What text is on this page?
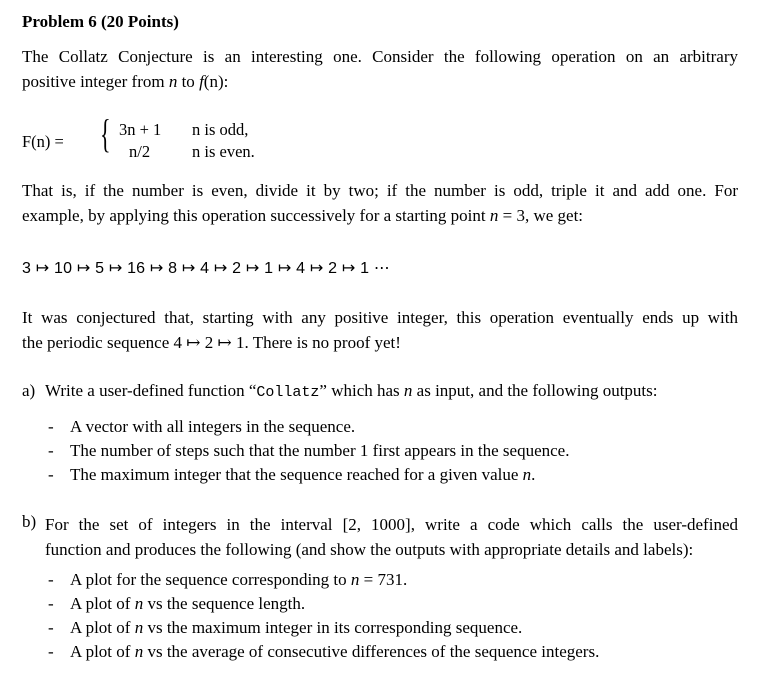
Problem 6 (20 Points)
The Collatz Conjecture is an interesting one. Consider the following operation on an arbitrary
positive integer from n to f(n):
F(n) = { 3n + 1 n is odd,
n/2	n is even.
That is, if the number is even, divide it by two; if the number is odd, triple it and add one. For
example, by applying this operation successively for a starting point n = 3, we get:
3 ↦ 10 ↦ 5 ↦ 16 ↦ 8 ↦ 4 ↦ 2 ↦ 1 ↦ 4 ↦ 2 ↦ 1 ⋯
It was conjectured that, starting with any positive integer, this operation eventually ends up with
the periodic sequence 4 ↦ 2 ↦ 1. There is no proof yet!
a) Write a user-defined function “Collatz” which has n as input, and the following outputs:
- A vector with all integers in the sequence.
- The number of steps such that the number 1 first appears in the sequence.
- The maximum integer that the sequence reached for a given value n.
b) For the set of integers in the interval [2, 1000], write a code which calls the user-defined
function and produces the following (and show the outputs with appropriate details and labels):
- A plot for the sequence corresponding to n = 731.
- A plot of n vs the sequence length.
- A plot of n vs the maximum integer in its corresponding sequence.
- A plot of n vs the average of consecutive differences of the sequence integers.
